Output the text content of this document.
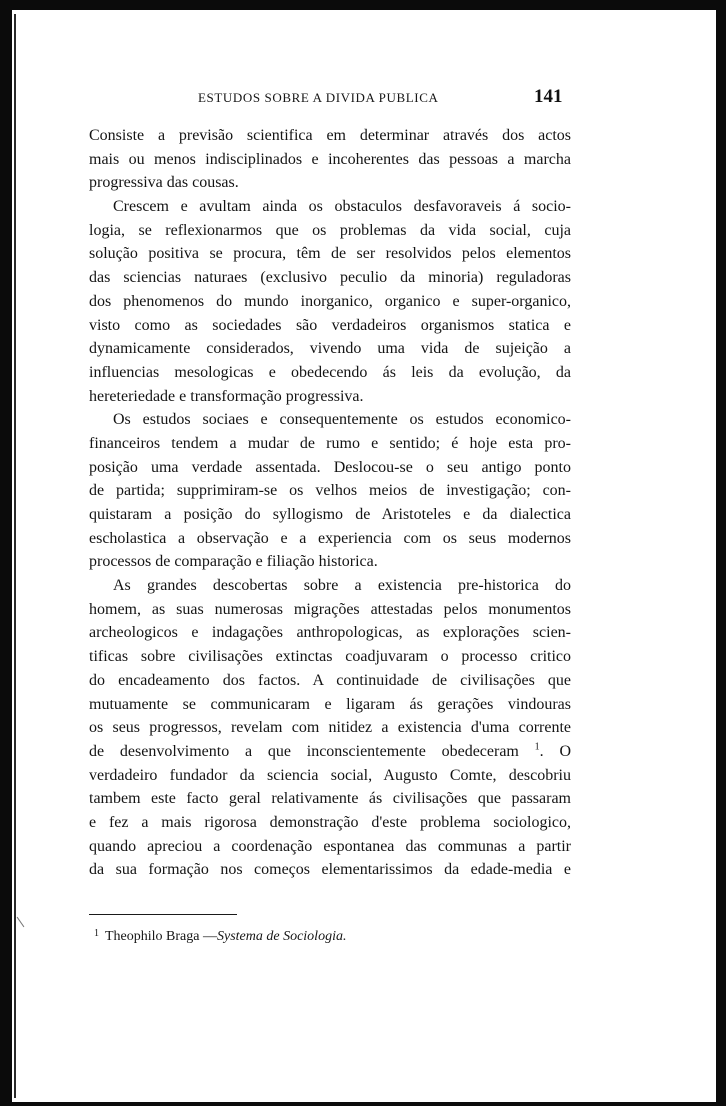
ESTUDOS SOBRE A DIVIDA PUBLICA	141
Consiste a previsão scientifica em determinar através dos actos
mais ou menos indisciplinados e incoherentes das pessoas a marcha
progressiva das cousas.
Crescem e avultam ainda os obstaculos desfavoraveis á socio-
logia, se reflexionarmos que os problemas da vida social, cuja
solução positiva se procura, têm de ser resolvidos pelos elementos
das sciencias naturaes (exclusivo peculio da minoria) reguladoras
dos phenomenos do mundo inorganico, organico e super-organico,
visto como as sociedades são verdadeiros organismos statica e
dynamicamente considerados, vivendo uma vida de sujeição a
influencias mesologicas e obedecendo ás leis da evolução, da
hereteriedade e transformação progressiva.
Os estudos sociaes e consequentemente os estudos economico-
financeiros tendem a mudar de rumo e sentido; é hoje esta pro-
posição uma verdade assentada. Deslocou-se o seu antigo ponto
de partida; supprimiram-se os velhos meios de investigação; con-
quistaram a posição do syllogismo de Aristoteles e da dialectica
escholastica a observação e a experiencia com os seus modernos
processos de comparação e filiação historica.
As grandes descobertas sobre a existencia pre-historica do
homem, as suas numerosas migrações attestadas pelos monumentos
archeologicos e indagações anthropologicas, as explorações scien-
tificas sobre civilisações extinctas coadjuvaram o processo critico
do encadeamento dos factos. A continuidade de civilisações que
mutuamente se communicaram e ligaram ás gerações vindouras
os seus progressos, revelam com nitidez a existencia d'uma corrente
de desenvolvimento a que inconscientemente obedeceram $^1$. O
verdadeiro fundador da sciencia social, Augusto Comte, descobriu
tambem este facto geral relativamente ás civilisações que passaram
e fez a mais rigorosa demonstração d'este problema sociologico,
quando apreciou a coordenação espontanea das communas a partir
da sua formação nos começos elementarissimos da edade-media e
$^1$ Theophilo Braga —Systema de Sociologia.
